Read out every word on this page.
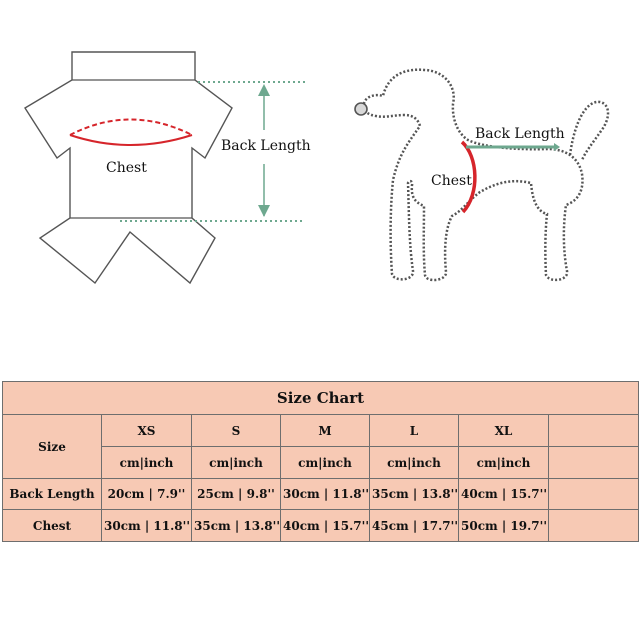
Chest
Back Length
Back Length
Chest
Size Chart						
Size	XS	S	M	L	XL	
	cm|inch	cm|inch	cm|inch	cm|inch	cm|inch	
Back Length	20cm | 7.9''	25cm | 9.8''	30cm | 11.8''	35cm | 13.8''	40cm | 15.7''	
Chest	30cm | 11.8''	35cm | 13.8''	40cm | 15.7''	45cm | 17.7''	50cm | 19.7''	
